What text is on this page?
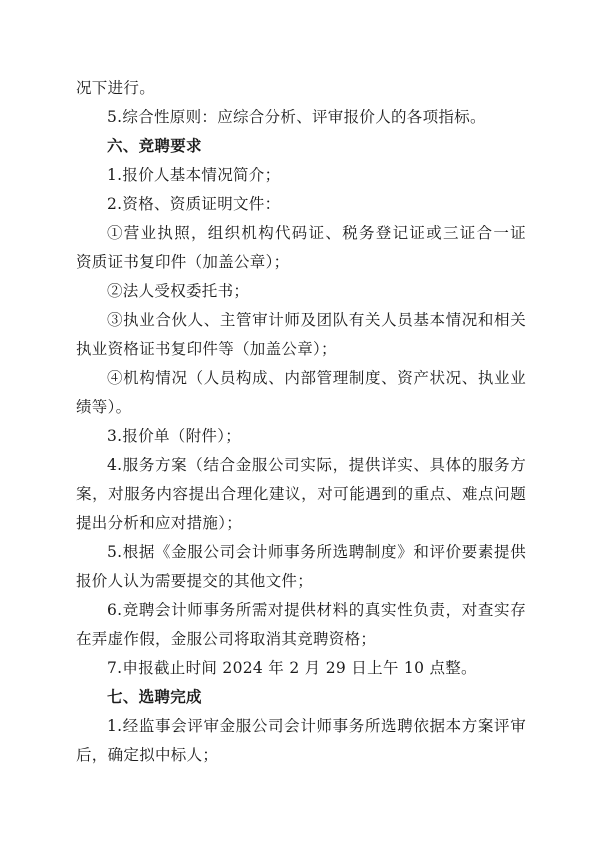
况下进行。
5.综合性原则：应综合分析、评审报价人的各项指标。
六、竞聘要求
1.报价人基本情况简介；
2.资格、资质证明文件：
①营业执照，组织机构代码证、税务登记证或三证合一证
资质证书复印件（加盖公章）；
②法人受权委托书；
③执业合伙人、主管审计师及团队有关人员基本情况和相关
执业资格证书复印件等（加盖公章）；
④机构情况（人员构成、内部管理制度、资产状况、执业业
绩等）。
3.报价单（附件）；
4.服务方案（结合金服公司实际，提供详实、具体的服务方
案，对服务内容提出合理化建议，对可能遇到的重点、难点问题
提出分析和应对措施）；
5.根据《金服公司会计师事务所选聘制度》和评价要素提供
报价人认为需要提交的其他文件；
6.竞聘会计师事务所需对提供材料的真实性负责，对查实存
在弄虚作假，金服公司将取消其竞聘资格；
7.申报截止时间 2024 年 2 月 29 日上午 10 点整。
七、选聘完成
1.经监事会评审金服公司会计师事务所选聘依据本方案评审
后，确定拟中标人；
